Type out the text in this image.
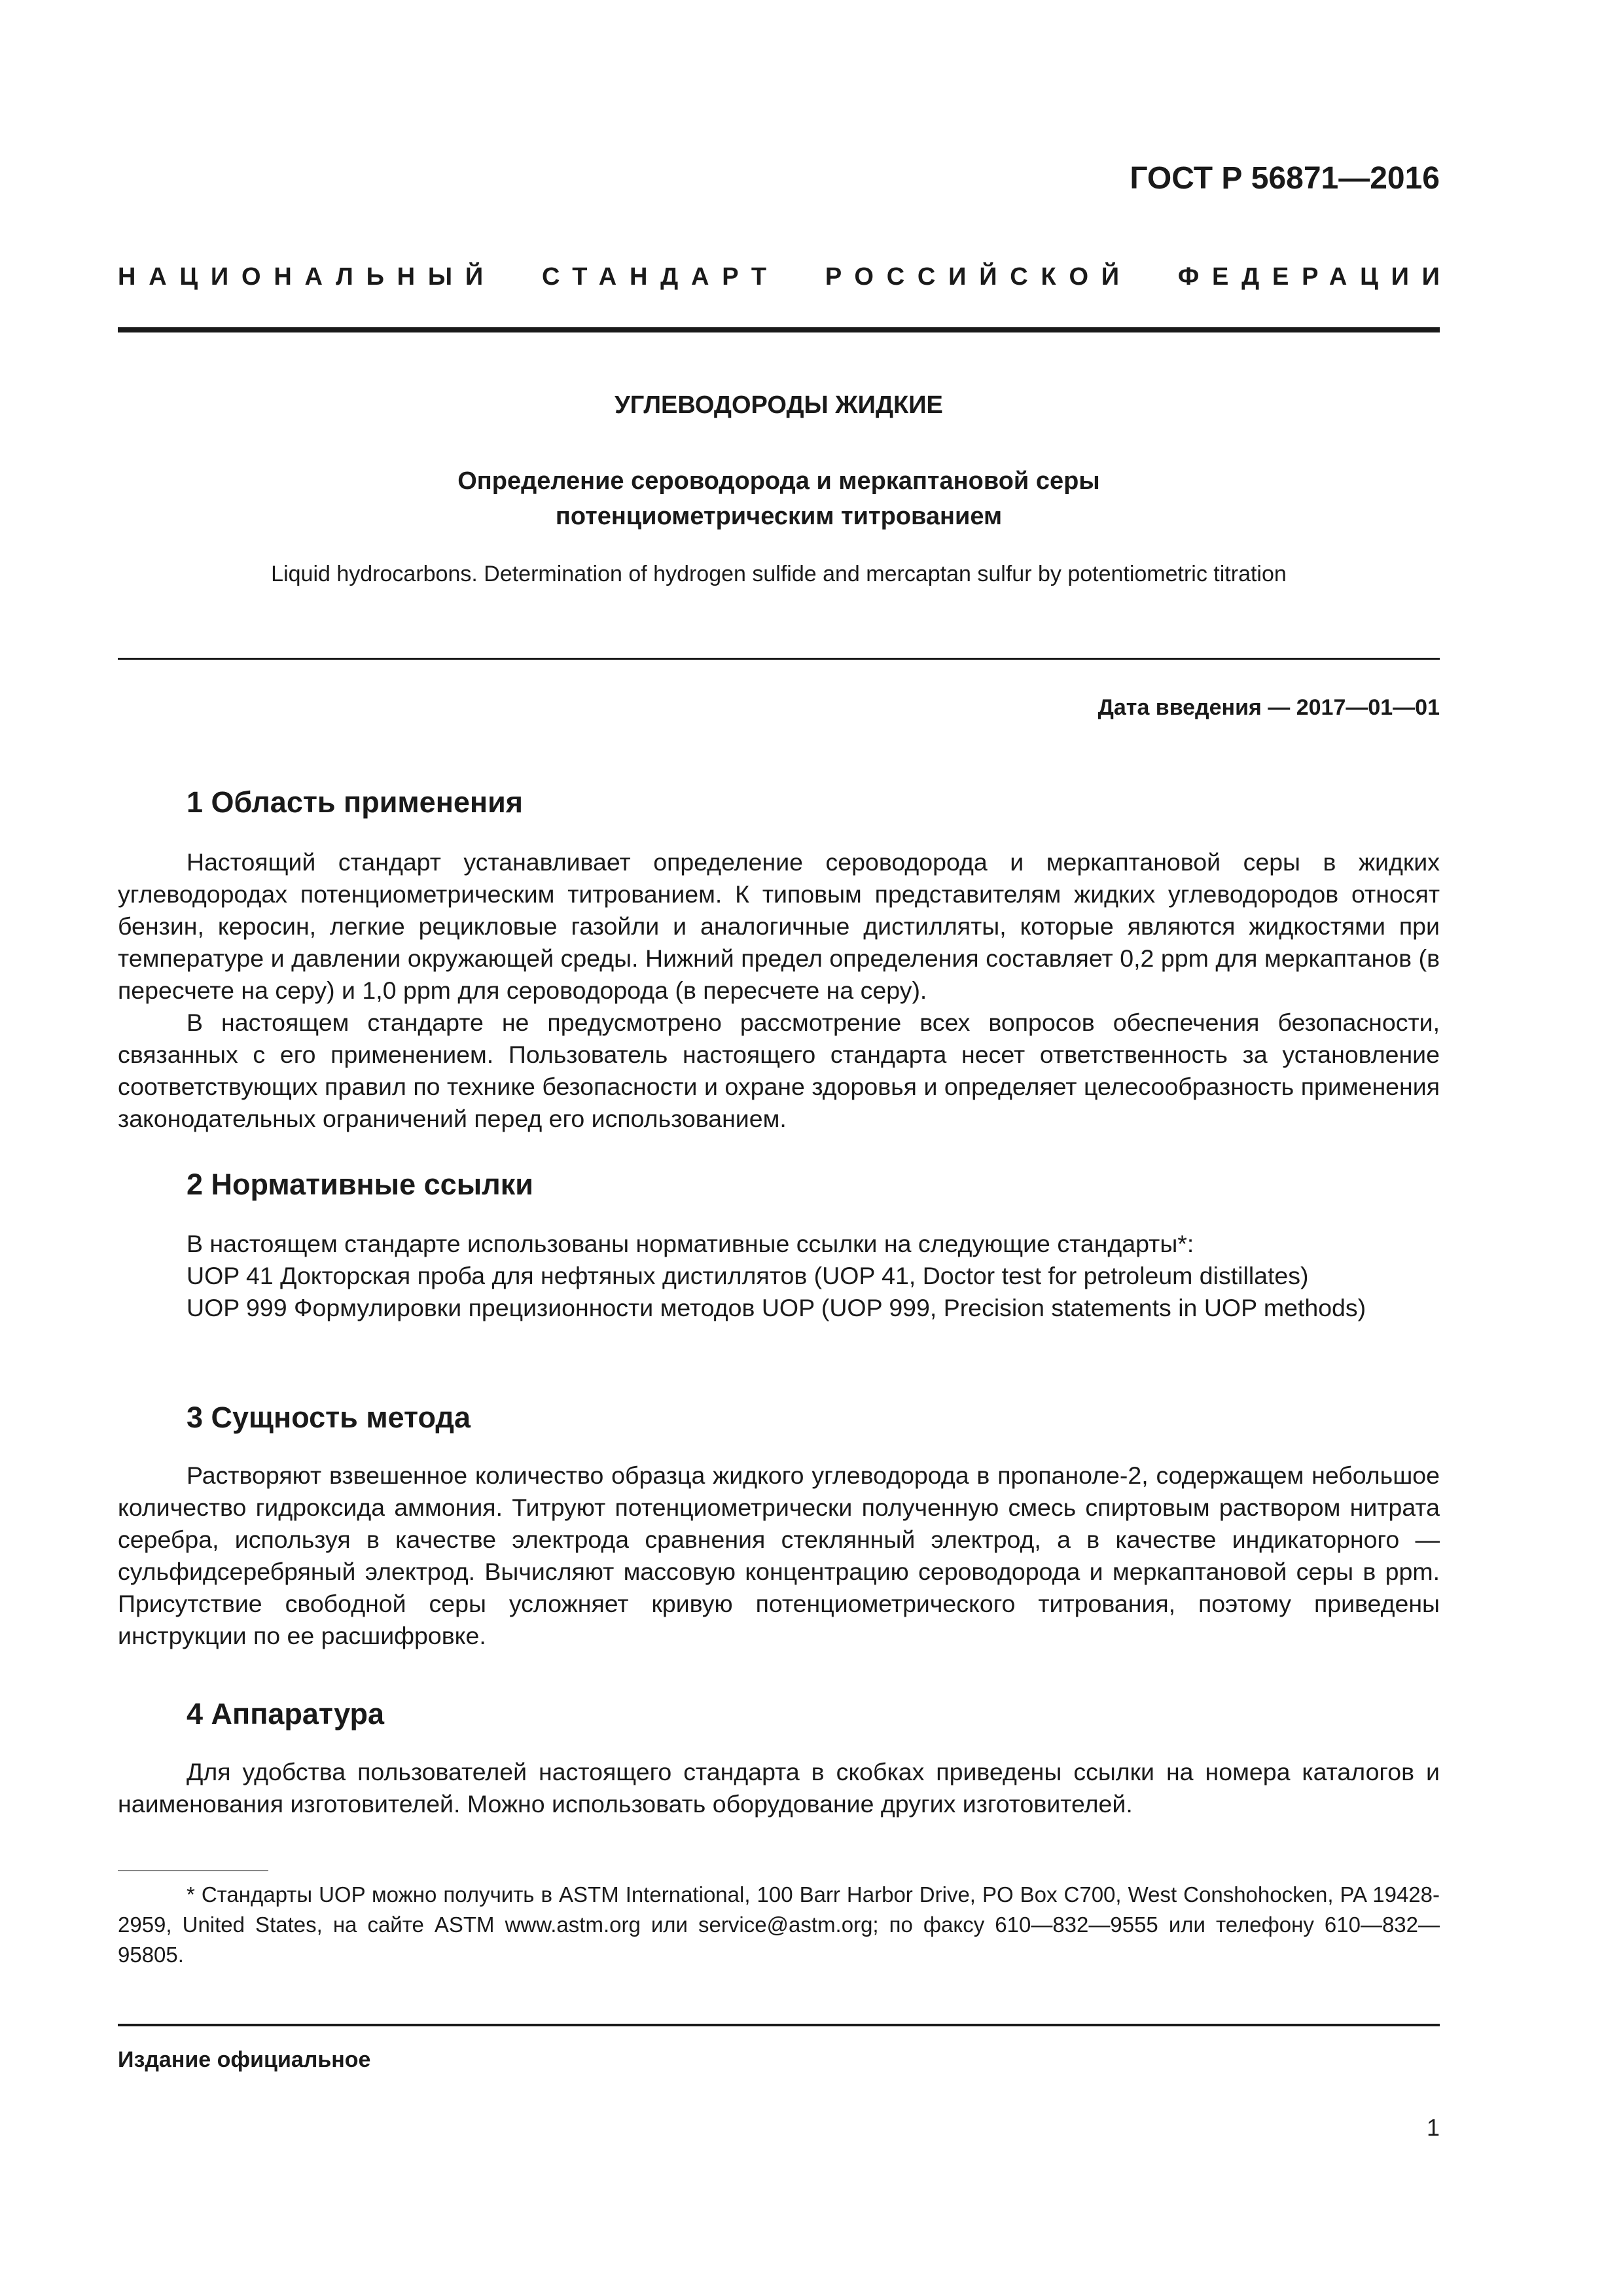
ГОСТ Р 56871—2016
НАЦИОНАЛЬНЫЙ СТАНДАРТ РОССИЙСКОЙ ФЕДЕРАЦИИ
УГЛЕВОДОРОДЫ ЖИДКИЕ
Определение сероводорода и меркаптановой серы
потенциометрическим титрованием
Liquid hydrocarbons. Determination of hydrogen sulfide and mercaptan sulfur by potentiometric titration
Дата введения — 2017—01—01
1 Область применения

Настоящий стандарт устанавливает определение сероводорода и меркаптановой серы в жидких углеводородах потенциометрическим титрованием. К типовым представителям жидких углеводородов относят бензин, керосин, легкие рецикловые газойли и аналогичные дистилляты, которые являются жидкостями при температуре и давлении окружающей среды. Нижний предел определения составляет 0,2 ppm для меркаптанов (в пересчете на серу) и 1,0 ppm для сероводорода (в пересчете на серу).

В настоящем стандарте не предусмотрено рассмотрение всех вопросов обеспечения безопасности, связанных с его применением. Пользователь настоящего стандарта несет ответственность за установление соответствующих правил по технике безопасности и охране здоровья и определяет целесообразность применения законодательных ограничений перед его использованием.

2 Нормативные ссылки

В настоящем стандарте использованы нормативные ссылки на следующие стандарты*:

UOP 41 Докторская проба для нефтяных дистиллятов (UOP 41, Doctor test for petroleum distillates)

UOP 999 Формулировки прецизионности методов UOP (UOP 999, Precision statements in UOP methods)

3 Сущность метода

Растворяют взвешенное количество образца жидкого углеводорода в пропаноле-2, содержащем небольшое количество гидроксида аммония. Титруют потенциометрически полученную смесь спиртовым раствором нитрата серебра, используя в качестве электрода сравнения стеклянный электрод, а в качестве индикаторного — сульфидсеребряный электрод. Вычисляют массовую концентрацию сероводорода и меркаптановой серы в ppm. Присутствие свободной серы усложняет кривую потенциометрического титрования, поэтому приведены инструкции по ее расшифровке.

4 Аппаратура

Для удобства пользователей настоящего стандарта в скобках приведены ссылки на номера каталогов и наименования изготовителей. Можно использовать оборудование других изготовителей.

* Стандарты UOP можно получить в ASTM International, 100 Barr Harbor Drive, PO Box C700, West Conshohocken, PA 19428-2959, United States, на сайте ASTM www.astm.org или service@astm.org; по факсу 610—832—9555 или телефону 610—832—95805.

Издание официальное
1
